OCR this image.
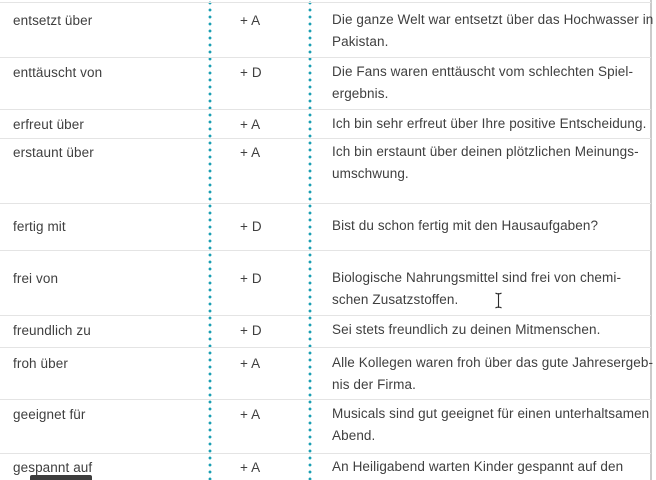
entsetzt über	+ A	Die ganze Welt war entsetzt über das Hochwasser in
Pakistan.
enttäuscht von	+ D	Die Fans waren enttäuscht vom schlechten Spiel-
ergebnis.
erfreut über	+ A	Ich bin sehr erfreut über Ihre positive Entscheidung.
erstaunt über	+ A	Ich bin erstaunt über deinen plötzlichen Meinungs-
umschwung.
fertig mit	+ D	Bist du schon fertig mit den Hausaufgaben?
frei von	+ D	Biologische Nahrungsmittel sind frei von chemi-
schen Zusatzstoffen.
freundlich zu	+ D	Sei stets freundlich zu deinen Mitmenschen.
froh über	+ A	Alle Kollegen waren froh über das gute Jahresergeb-
nis der Firma.
geeignet für	+ A	Musicals sind gut geeignet für einen unterhaltsamen
Abend.
gespannt auf	+ A	An Heiligabend warten Kinder gespannt auf den
